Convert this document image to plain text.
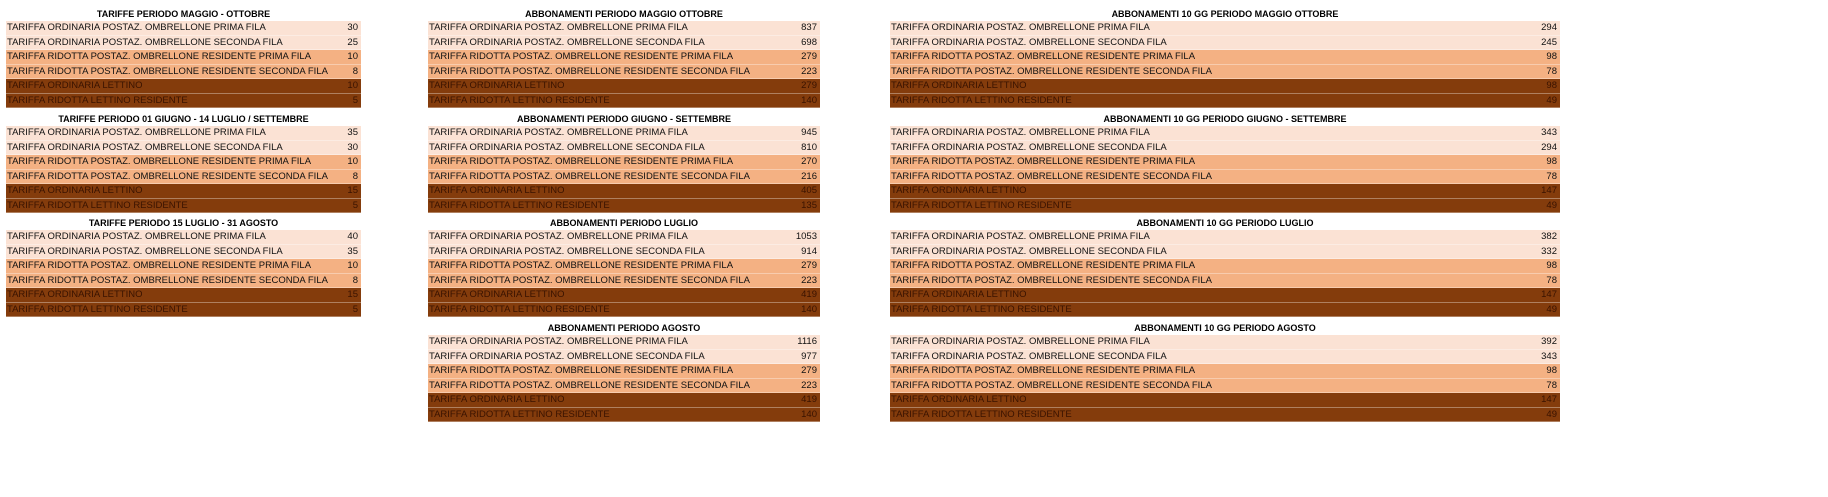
TARIFFE PERIODO MAGGIO - OTTOBRE
TARIFFA ORDINARIA POSTAZ. OMBRELLONE PRIMA FILA	30
TARIFFA ORDINARIA POSTAZ. OMBRELLONE SECONDA FILA	25
TARIFFA RIDOTTA POSTAZ. OMBRELLONE RESIDENTE PRIMA FILA	10
TARIFFA RIDOTTA POSTAZ. OMBRELLONE RESIDENTE SECONDA FILA	8
TARIFFA ORDINARIA LETTINO	10
TARIFFA RIDOTTA LETTINO RESIDENTE	5
TARIFFE PERIODO 01 GIUGNO - 14 LUGLIO / SETTEMBRE
TARIFFA ORDINARIA POSTAZ. OMBRELLONE PRIMA FILA	35
TARIFFA ORDINARIA POSTAZ. OMBRELLONE SECONDA FILA	30
TARIFFA RIDOTTA POSTAZ. OMBRELLONE RESIDENTE PRIMA FILA	10
TARIFFA RIDOTTA POSTAZ. OMBRELLONE RESIDENTE SECONDA FILA	8
TARIFFA ORDINARIA LETTINO	15
TARIFFA RIDOTTA LETTINO RESIDENTE	5
TARIFFE PERIODO 15 LUGLIO - 31 AGOSTO
TARIFFA ORDINARIA POSTAZ. OMBRELLONE PRIMA FILA	40
TARIFFA ORDINARIA POSTAZ. OMBRELLONE SECONDA FILA	35
TARIFFA RIDOTTA POSTAZ. OMBRELLONE RESIDENTE PRIMA FILA	10
TARIFFA RIDOTTA POSTAZ. OMBRELLONE RESIDENTE SECONDA FILA	8
TARIFFA ORDINARIA LETTINO	15
TARIFFA RIDOTTA LETTINO RESIDENTE	5
ABBONAMENTI PERIODO MAGGIO OTTOBRE
TARIFFA ORDINARIA POSTAZ. OMBRELLONE PRIMA FILA	837
TARIFFA ORDINARIA POSTAZ. OMBRELLONE SECONDA FILA	698
TARIFFA RIDOTTA POSTAZ. OMBRELLONE RESIDENTE PRIMA FILA	279
TARIFFA RIDOTTA POSTAZ. OMBRELLONE RESIDENTE SECONDA FILA	223
TARIFFA ORDINARIA LETTINO	279
TARIFFA RIDOTTA LETTINO RESIDENTE	140
ABBONAMENTI PERIODO GIUGNO - SETTEMBRE
TARIFFA ORDINARIA POSTAZ. OMBRELLONE PRIMA FILA	945
TARIFFA ORDINARIA POSTAZ. OMBRELLONE SECONDA FILA	810
TARIFFA RIDOTTA POSTAZ. OMBRELLONE RESIDENTE PRIMA FILA	270
TARIFFA RIDOTTA POSTAZ. OMBRELLONE RESIDENTE SECONDA FILA	216
TARIFFA ORDINARIA LETTINO	405
TARIFFA RIDOTTA LETTINO RESIDENTE	135
ABBONAMENTI PERIODO LUGLIO
TARIFFA ORDINARIA POSTAZ. OMBRELLONE PRIMA FILA	1053
TARIFFA ORDINARIA POSTAZ. OMBRELLONE SECONDA FILA	914
TARIFFA RIDOTTA POSTAZ. OMBRELLONE RESIDENTE PRIMA FILA	279
TARIFFA RIDOTTA POSTAZ. OMBRELLONE RESIDENTE SECONDA FILA	223
TARIFFA ORDINARIA LETTINO	419
TARIFFA RIDOTTA LETTINO RESIDENTE	140
ABBONAMENTI PERIODO AGOSTO
TARIFFA ORDINARIA POSTAZ. OMBRELLONE PRIMA FILA	1116
TARIFFA ORDINARIA POSTAZ. OMBRELLONE SECONDA FILA	977
TARIFFA RIDOTTA POSTAZ. OMBRELLONE RESIDENTE PRIMA FILA	279
TARIFFA RIDOTTA POSTAZ. OMBRELLONE RESIDENTE SECONDA FILA	223
TARIFFA ORDINARIA LETTINO	419
TARIFFA RIDOTTA LETTINO RESIDENTE	140
ABBONAMENTI 10 GG PERIODO MAGGIO OTTOBRE
TARIFFA ORDINARIA POSTAZ. OMBRELLONE PRIMA FILA	294
TARIFFA ORDINARIA POSTAZ. OMBRELLONE SECONDA FILA	245
TARIFFA RIDOTTA POSTAZ. OMBRELLONE RESIDENTE PRIMA FILA	98
TARIFFA RIDOTTA POSTAZ. OMBRELLONE RESIDENTE SECONDA FILA	78
TARIFFA ORDINARIA LETTINO	98
TARIFFA RIDOTTA LETTINO RESIDENTE	49
ABBONAMENTI 10 GG PERIODO GIUGNO - SETTEMBRE
TARIFFA ORDINARIA POSTAZ. OMBRELLONE PRIMA FILA	343
TARIFFA ORDINARIA POSTAZ. OMBRELLONE SECONDA FILA	294
TARIFFA RIDOTTA POSTAZ. OMBRELLONE RESIDENTE PRIMA FILA	98
TARIFFA RIDOTTA POSTAZ. OMBRELLONE RESIDENTE SECONDA FILA	78
TARIFFA ORDINARIA LETTINO	147
TARIFFA RIDOTTA LETTINO RESIDENTE	49
ABBONAMENTI 10 GG PERIODO LUGLIO
TARIFFA ORDINARIA POSTAZ. OMBRELLONE PRIMA FILA	382
TARIFFA ORDINARIA POSTAZ. OMBRELLONE SECONDA FILA	332
TARIFFA RIDOTTA POSTAZ. OMBRELLONE RESIDENTE PRIMA FILA	98
TARIFFA RIDOTTA POSTAZ. OMBRELLONE RESIDENTE SECONDA FILA	78
TARIFFA ORDINARIA LETTINO	147
TARIFFA RIDOTTA LETTINO RESIDENTE	49
ABBONAMENTI 10 GG PERIODO AGOSTO
TARIFFA ORDINARIA POSTAZ. OMBRELLONE PRIMA FILA	392
TARIFFA ORDINARIA POSTAZ. OMBRELLONE SECONDA FILA	343
TARIFFA RIDOTTA POSTAZ. OMBRELLONE RESIDENTE PRIMA FILA	98
TARIFFA RIDOTTA POSTAZ. OMBRELLONE RESIDENTE SECONDA FILA	78
TARIFFA ORDINARIA LETTINO	147
TARIFFA RIDOTTA LETTINO RESIDENTE	49
